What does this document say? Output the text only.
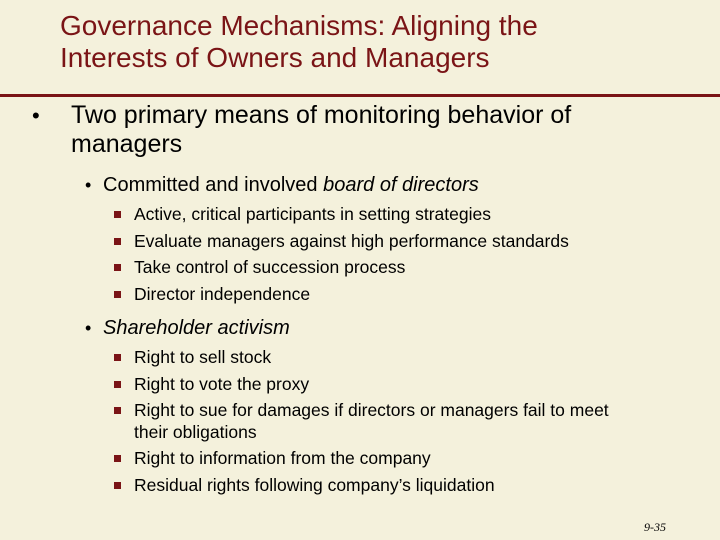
Governance Mechanisms: Aligning the
Interests of Owners and Managers
• Two primary means of monitoring behavior of
managers
• Committed and involved board of directors
Active, critical participants in setting strategies
Evaluate managers against high performance standards
Take control of succession process
Director independence
• Shareholder activism
Right to sell stock
Right to vote the proxy
Right to sue for damages if directors or managers fail to meet their obligations
Right to information from the company
Residual rights following company’s liquidation
9-35
